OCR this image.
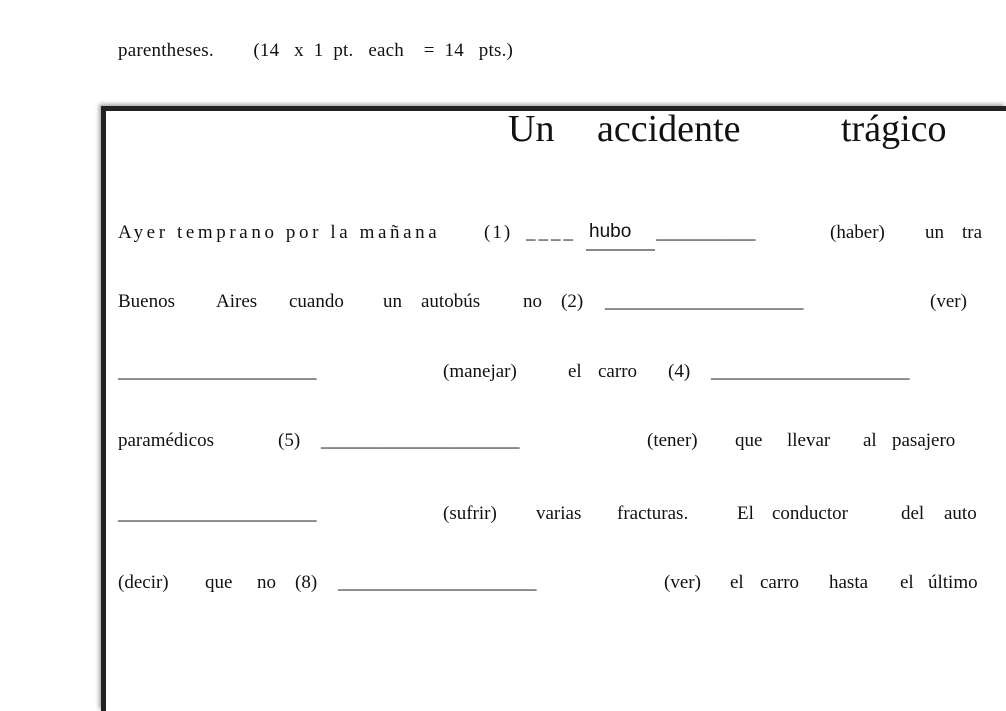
parentheses.        (14   x  1  pt.   each    =  14   pts.)
Un accidente	trágico
Ayer temprano por la mañana (1) ____ hubo ___________	(haber) un tra
Buenos Aires cuando un autobús no (2) ______________________	(ver)
______________________	(manejar)	el carro (4) ______________________
paramédicos	(5) ______________________	(tener) que llevar al pasajero
______________________	(sufrir) varias fracturas.	El conductor	del auto
(decir) que no (8) ______________________	(ver) el carro hasta el último
